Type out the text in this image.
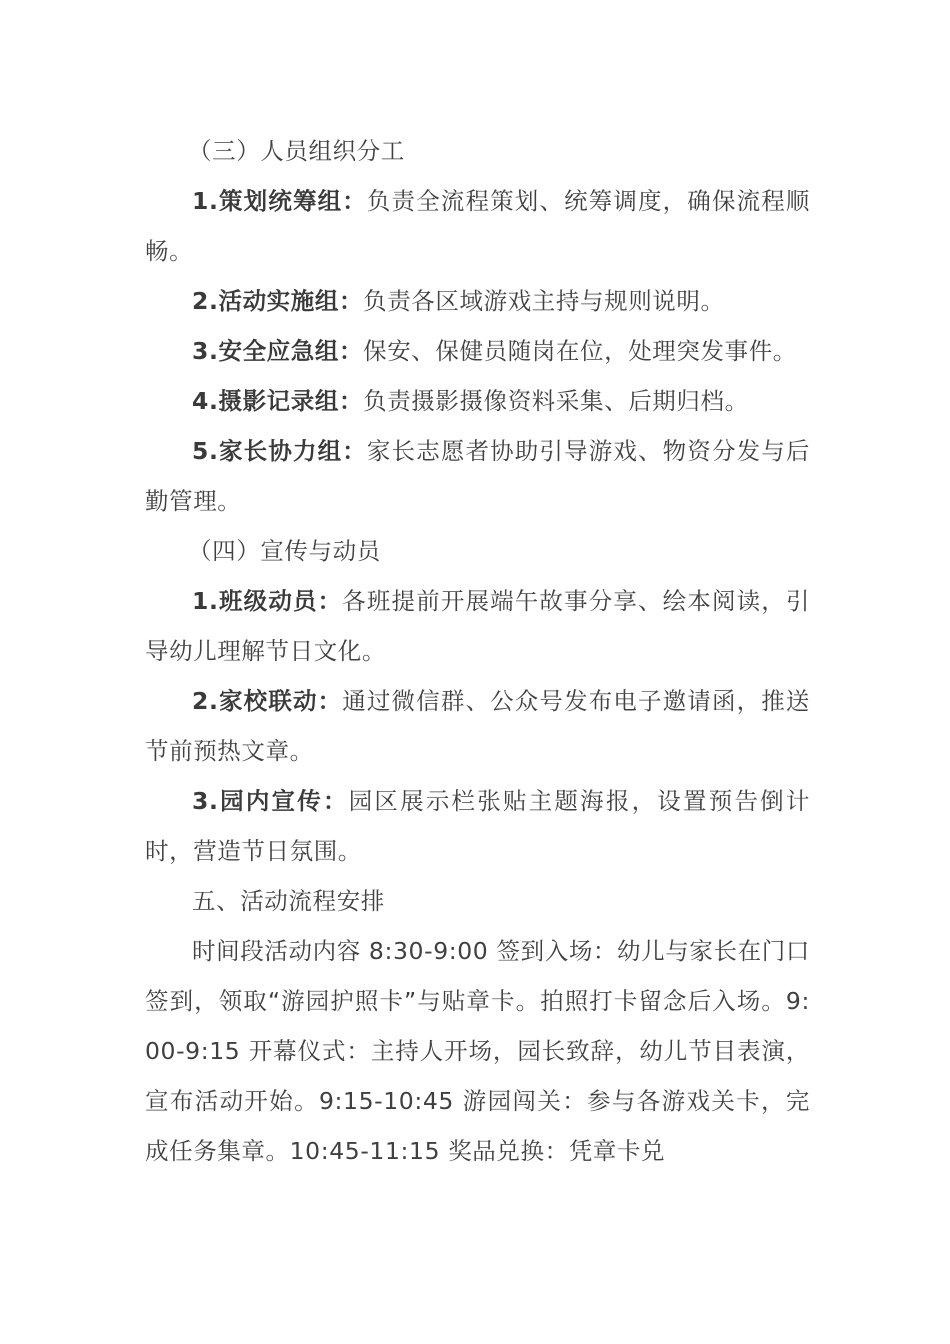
（三）人员组织分工

1.策划统筹组：负责全流程策划、统筹调度，确保流程顺畅。

2.活动实施组：负责各区域游戏主持与规则说明。

3.安全应急组：保安、保健员随岗在位，处理突发事件。

4.摄影记录组：负责摄影摄像资料采集、后期归档。

5.家长协力组：家长志愿者协助引导游戏、物资分发与后勤管理。

（四）宣传与动员

1.班级动员：各班提前开展端午故事分享、绘本阅读，引导幼儿理解节日文化。

2.家校联动：通过微信群、公众号发布电子邀请函，推送节前预热文章。

3.园内宣传：园区展示栏张贴主题海报，设置预告倒计时，营造节日氛围。

五、活动流程安排

时间段活动内容 8:30-9:00 签到入场：幼儿与家长在门口签到，领取“游园护照卡”与贴章卡。拍照打卡留念后入场。9:00-9:15 开幕仪式：主持人开场，园长致辞，幼儿节目表演，宣布活动开始。9:15-10:45 游园闯关：参与各游戏关卡，完成任务集章。10:45-11:15 奖品兑换：凭章卡兑
